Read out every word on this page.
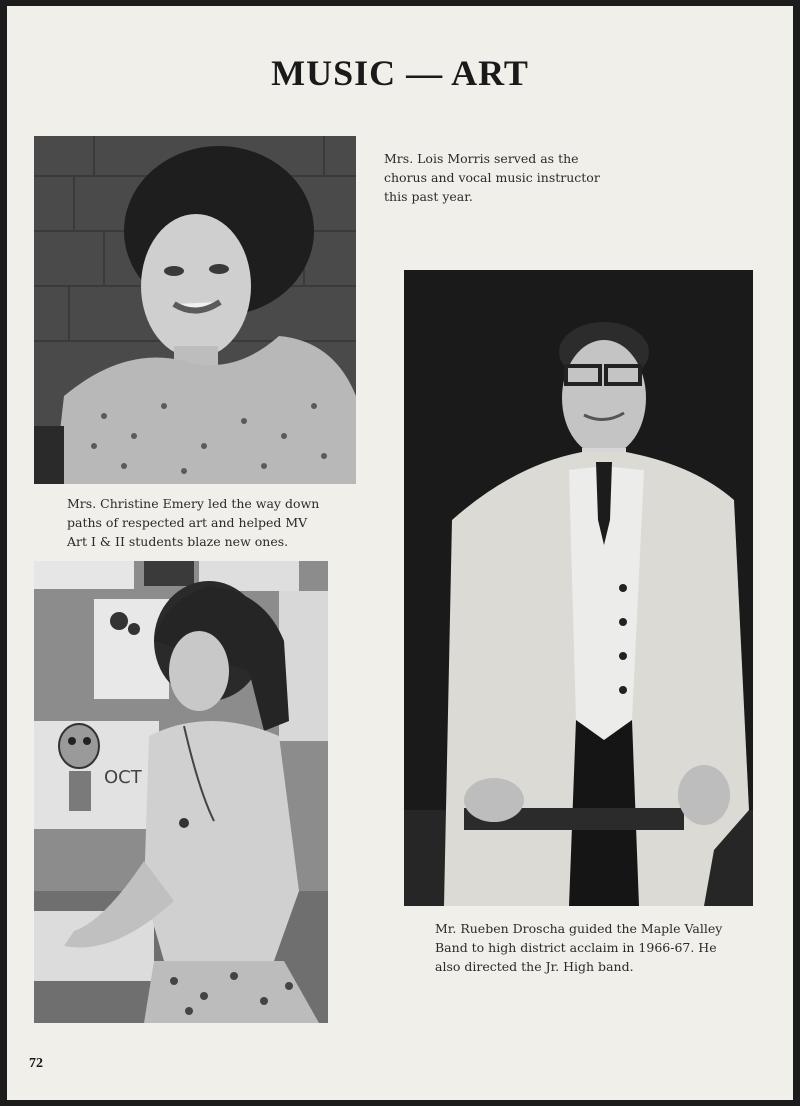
MUSIC — ART
Mrs. Lois Morris served as the
chorus and vocal music instructor
this past year.
Mrs. Christine Emery led the way down
paths of respected art and helped MV
Art I & II students blaze new ones.
OCT
Mr. Rueben Droscha guided the Maple Valley
Band to high district acclaim in 1966-67. He
also directed the Jr. High band.
72
